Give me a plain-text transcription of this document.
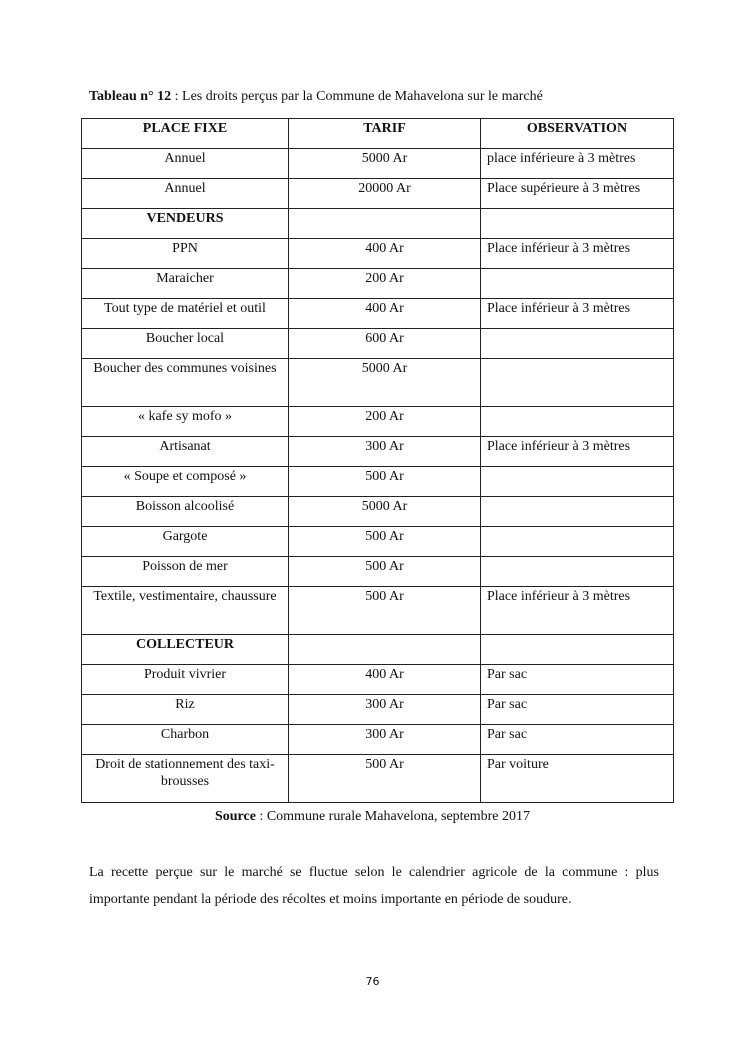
Tableau n° 12 : Les droits perçus par la Commune de Mahavelona sur le marché
PLACE FIXE	TARIF	OBSERVATION
Annuel	5000 Ar	place inférieure à 3 mètres
Annuel	20000 Ar	Place supérieure à 3 mètres
VENDEURS		
PPN	400 Ar	Place inférieur à 3 mètres
Maraicher	200 Ar	
Tout type de matériel et outil	400 Ar	Place inférieur à 3 mètres
Boucher local	600 Ar	
Boucher des communes voisines	5000 Ar	
« kafe sy mofo »	200 Ar	
Artisanat	300 Ar	Place inférieur à 3 mètres
« Soupe et composé »	500 Ar	
Boisson alcoolisé	5000 Ar	
Gargote	500 Ar	
Poisson de mer	500 Ar	
Textile, vestimentaire, chaussure	500 Ar	Place inférieur à 3 mètres
COLLECTEUR		
Produit vivrier	400 Ar	Par sac
Riz	300 Ar	Par sac
Charbon	300 Ar	Par sac
Droit de stationnement des taxi-brousses	500 Ar	Par voiture
Source : Commune rurale Mahavelona, septembre 2017

La recette perçue sur le marché se fluctue selon le calendrier agricole de la commune : plus importante pendant la période des récoltes et moins importante en période de soudure.

76
